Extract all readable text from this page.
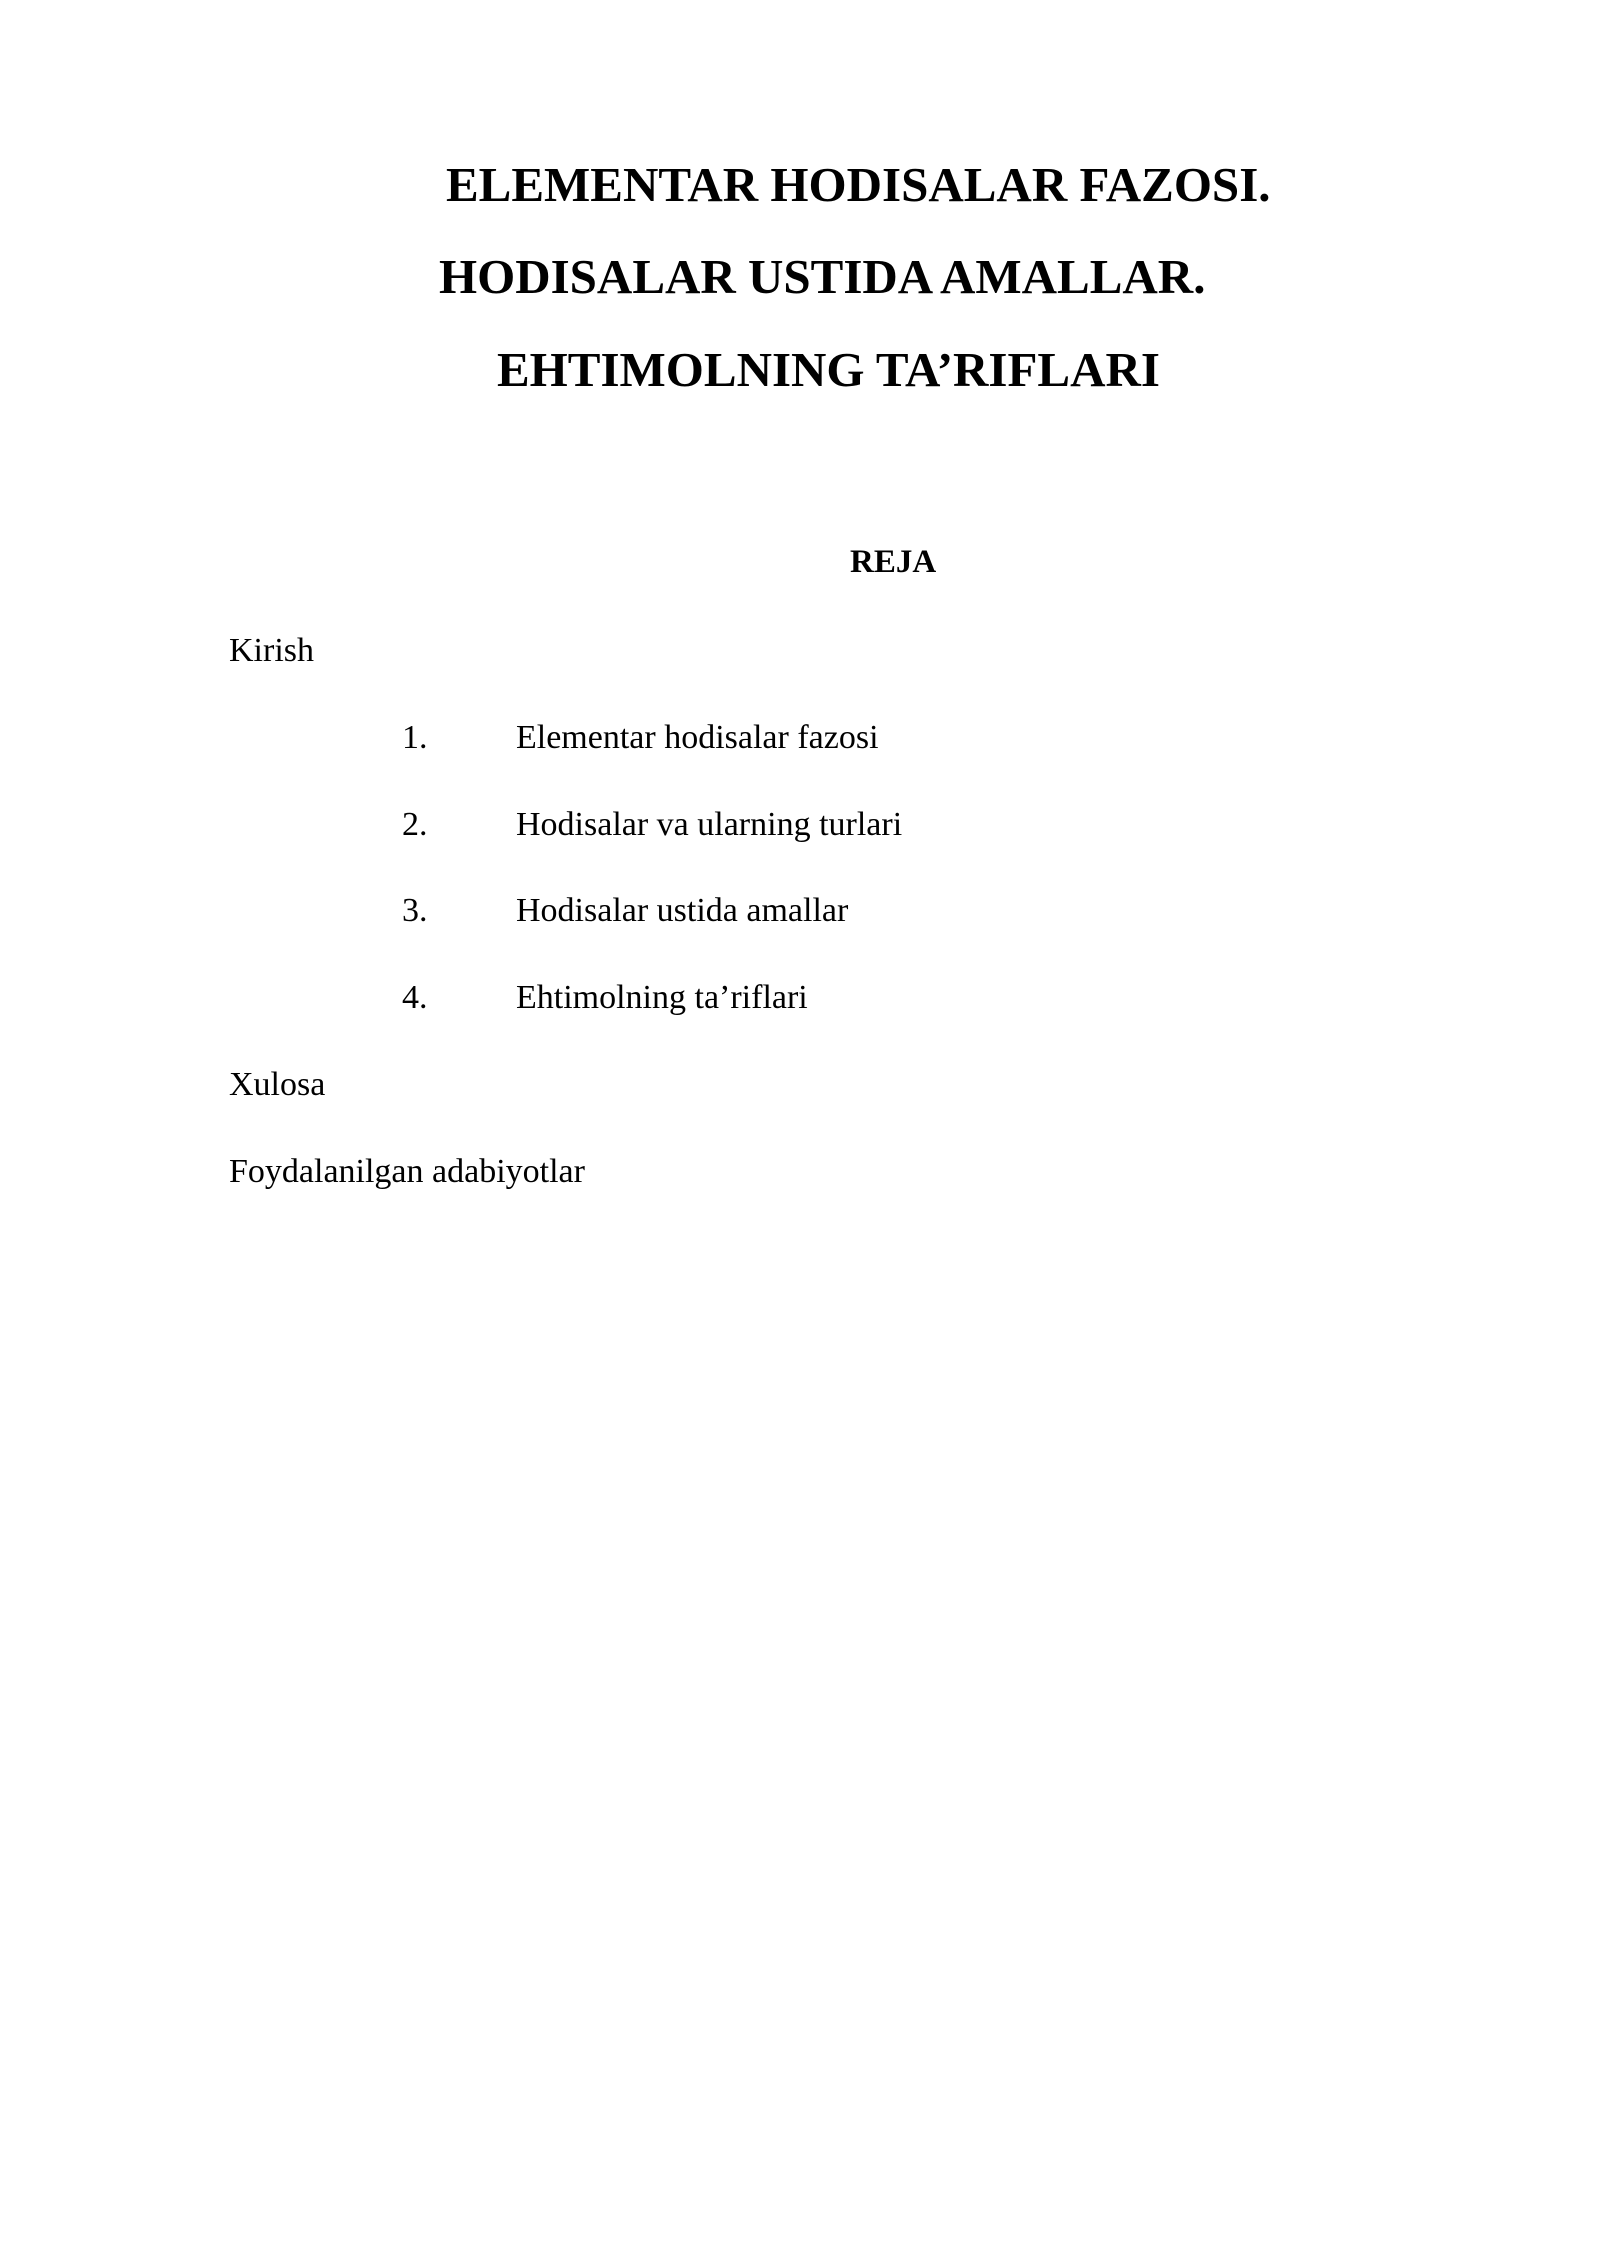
ELEMENTAR HODISALAR FAZOSI.
HODISALAR USTIDA AMALLAR.
EHTIMOLNING TA’RIFLARI
REJA
Kirish
1.	Elementar hodisalar fazosi
2.	Hodisalar va ularning turlari
3.	Hodisalar ustida amallar
4.	Ehtimolning ta’riflari
Xulosa
Foydalanilgan adabiyotlar
